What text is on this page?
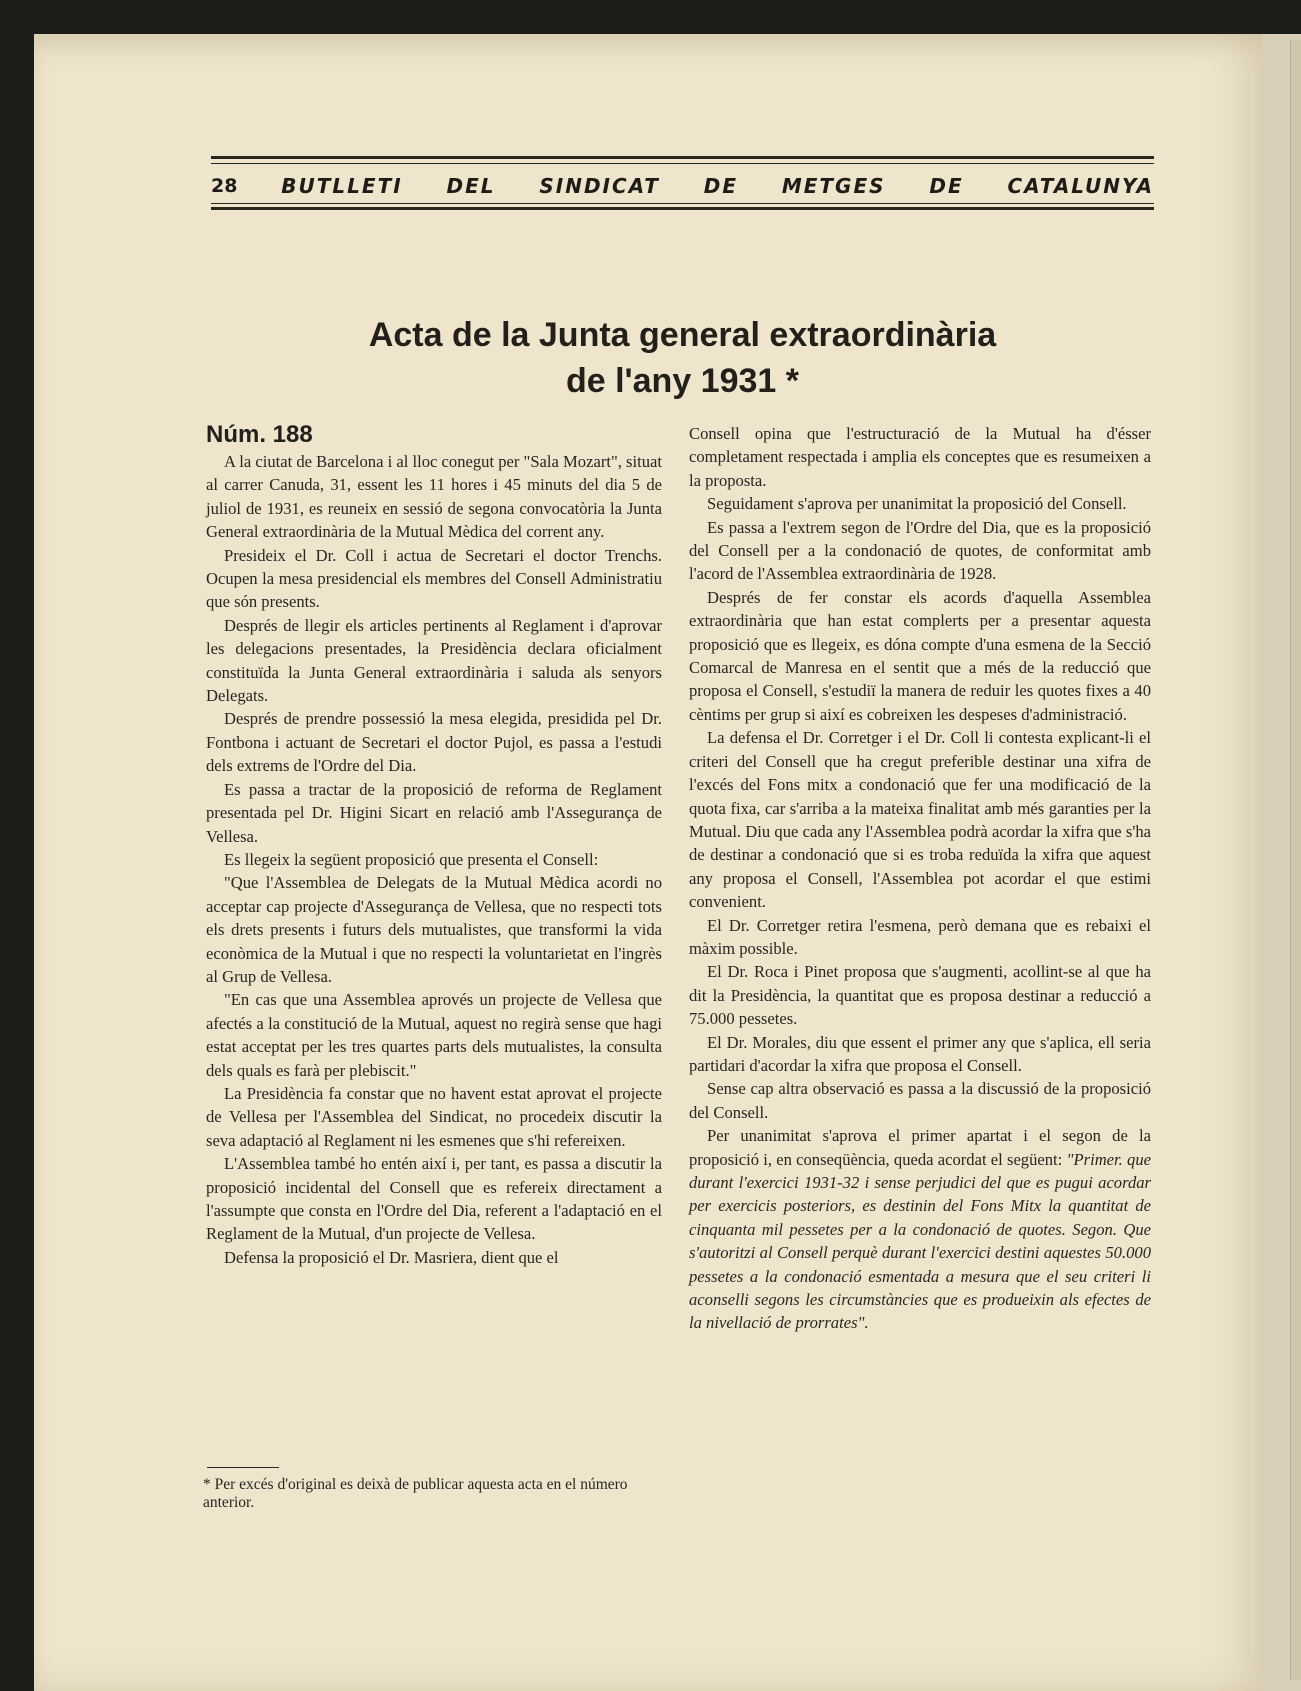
28 BUTLLETI DEL SINDICAT DE METGES DE CATALUNYA
Acta de la Junta general extraordinària
de l'any 1931 *

Núm. 188

A la ciutat de Barcelona i al lloc conegut per "Sala Mozart", situat al carrer Canuda, 31, essent les 11 hores i 45 minuts del dia 5 de juliol de 1931, es reuneix en sessió de segona convocatòria la Junta General extraordinària de la Mutual Mèdica del corrent any.

Presideix el Dr. Coll i actua de Secretari el doctor Trenchs. Ocupen la mesa presidencial els membres del Consell Administratiu que són presents.

Després de llegir els articles pertinents al Reglament i d'aprovar les delegacions presentades, la Presidència declara oficialment constituïda la Junta General extraordinària i saluda als senyors Delegats.

Després de prendre possessió la mesa elegida, presidida pel Dr. Fontbona i actuant de Secretari el doctor Pujol, es passa a l'estudi dels extrems de l'Ordre del Dia.

Es passa a tractar de la proposició de reforma de Reglament presentada pel Dr. Higini Sicart en relació amb l'Assegurança de Vellesa.

Es llegeix la següent proposició que presenta el Consell:

"Que l'Assemblea de Delegats de la Mutual Mèdica acordi no acceptar cap projecte d'Assegurança de Vellesa, que no respecti tots els drets presents i futurs dels mutualistes, que transformi la vida econòmica de la Mutual i que no respecti la voluntarietat en l'ingrès al Grup de Vellesa.

"En cas que una Assemblea aprovés un projecte de Vellesa que afectés a la constitució de la Mutual, aquest no regirà sense que hagi estat acceptat per les tres quartes parts dels mutualistes, la consulta dels quals es farà per plebiscit."

La Presidència fa constar que no havent estat aprovat el projecte de Vellesa per l'Assemblea del Sindicat, no procedeix discutir la seva adaptació al Reglament ni les esmenes que s'hi refereixen.

L'Assemblea també ho entén així i, per tant, es passa a discutir la proposició incidental del Consell que es refereix directament a l'assumpte que consta en l'Ordre del Dia, referent a l'adaptació en el Reglament de la Mutual, d'un projecte de Vellesa.

Defensa la proposició el Dr. Masriera, dient que el

* Per excés d'original es deixà de publicar aquesta acta en el número anterior.

Consell opina que l'estructuració de la Mutual ha d'ésser completament respectada i amplia els conceptes que es resumeixen a la proposta.

Seguidament s'aprova per unanimitat la proposició del Consell.

Es passa a l'extrem segon de l'Ordre del Dia, que es la proposició del Consell per a la condonació de quotes, de conformitat amb l'acord de l'Assemblea extraordinària de 1928.

Després de fer constar els acords d'aquella Assemblea extraordinària que han estat complerts per a presentar aquesta proposició que es llegeix, es dóna compte d'una esmena de la Secció Comarcal de Manresa en el sentit que a més de la reducció que proposa el Consell, s'estudiï la manera de reduir les quotes fixes a 40 cèntims per grup si així es cobreixen les despeses d'administració.

La defensa el Dr. Corretger i el Dr. Coll li contesta explicant-li el criteri del Consell que ha cregut preferible destinar una xifra de l'excés del Fons mitx a condonació que fer una modificació de la quota fixa, car s'arriba a la mateixa finalitat amb més garanties per la Mutual. Diu que cada any l'Assemblea podrà acordar la xifra que s'ha de destinar a condonació que si es troba reduïda la xifra que aquest any proposa el Consell, l'Assemblea pot acordar el que estimi convenient.

El Dr. Corretger retira l'esmena, però demana que es rebaixi el màxim possible.

El Dr. Roca i Pinet proposa que s'augmenti, acollint-se al que ha dit la Presidència, la quantitat que es proposa destinar a reducció a 75.000 pessetes.

El Dr. Morales, diu que essent el primer any que s'aplica, ell seria partidari d'acordar la xifra que proposa el Consell.

Sense cap altra observació es passa a la discussió de la proposició del Consell.

Per unanimitat s'aprova el primer apartat i el segon de la proposició i, en conseqüència, queda acordat el següent: "Primer. que durant l'exercici 1931-32 i sense perjudici del que es pugui acordar per exercicis posteriors, es destinin del Fons Mitx la quantitat de cinquanta mil pessetes per a la condonació de quotes. Segon. Que s'autoritzi al Consell perquè durant l'exercici destini aquestes 50.000 pessetes a la condonació esmentada a mesura que el seu criteri li aconselli segons les circumstàncies que es produeixin als efectes de la nivellació de prorrates".
